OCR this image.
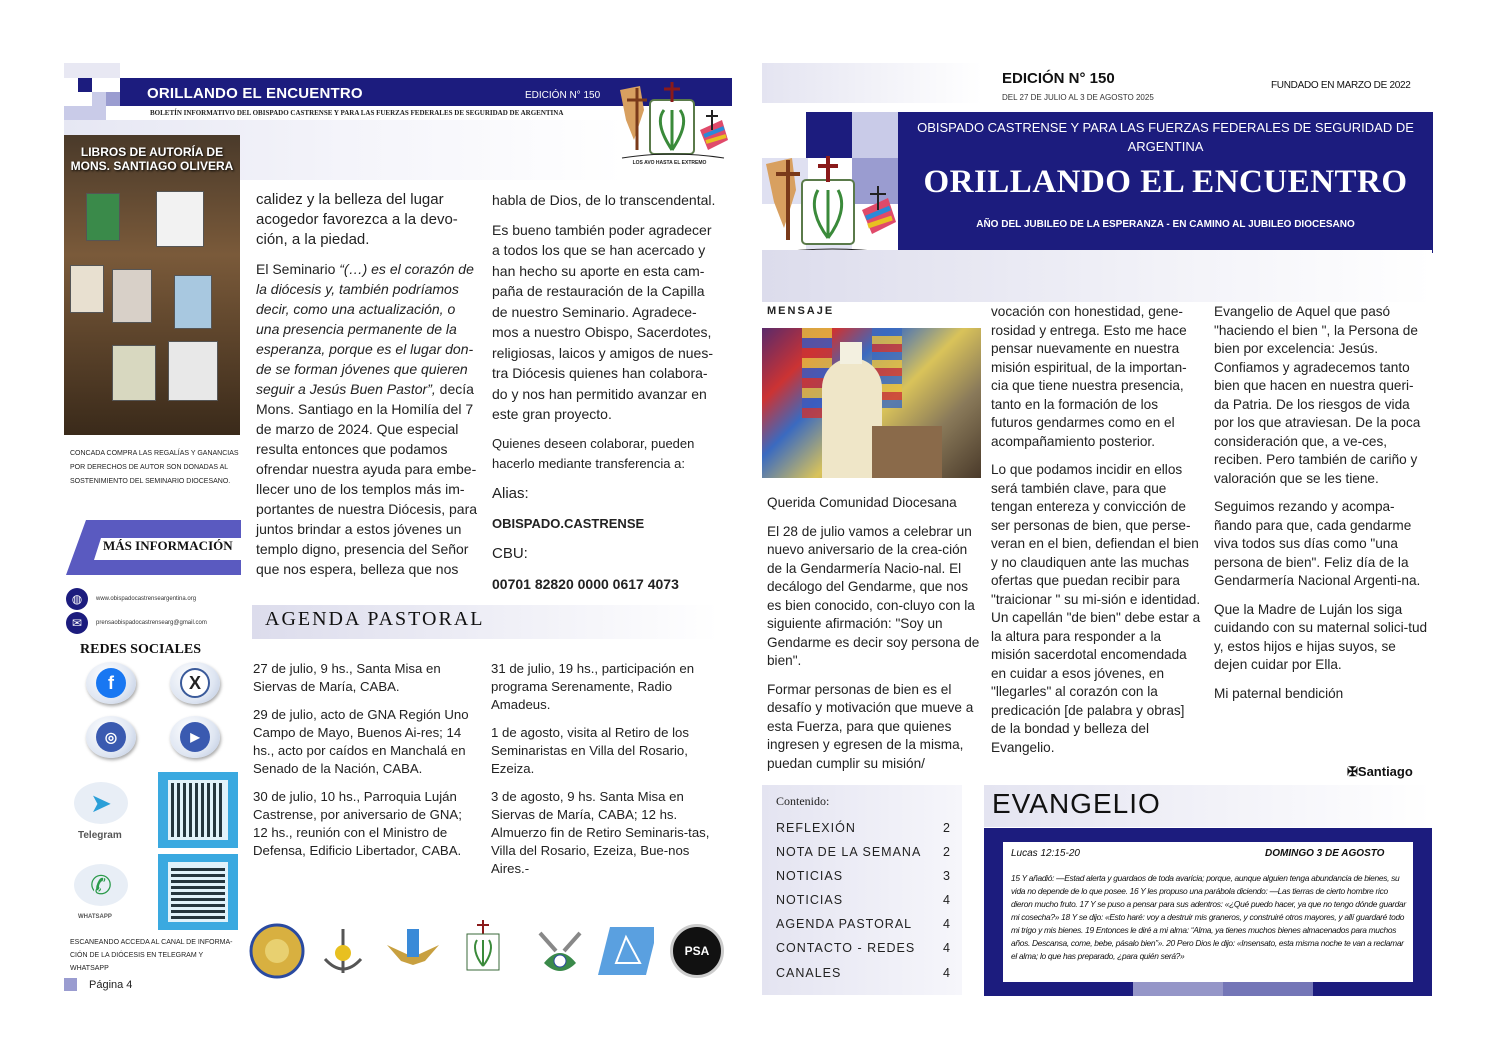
ORILLANDO EL ENCUENTRO	EDICIÓN N° 150
BOLETÍN INFORMATIVO DEL OBISPADO CASTRENSE Y PARA LAS FUERZAS FEDERALES DE SEGURIDAD DE ARGENTINA
LOS AVO HASTA EL EXTREMO
LIBROS DE AUTORÍA DE MONS. SANTIAGO OLIVERA
CONCADA COMPRA LAS REGALÍAS Y GANANCIAS POR DERECHOS DE AUTOR SON DONADAS AL SOSTENIMIENTO DEL SEMINARIO DIOCESANO.
MÁS INFORMACIÓN
◍	www.obispadocastrenseargentina.org
✉	prensaobispadocastrensearg@gmail.com
REDES SOCIALES
f	X
◎	▶
➤
Telegram
✆
WHATSAPP
ESCANEANDO ACCEDA AL CANAL DE INFORMA-CIÓN DE LA DIÓCESIS EN TELEGRAM Y WHATSAPP
Página 4

calidez y la belleza del lugar acogedor favorezca a la devo-ción, a la piedad.

El Seminario “(…) es el corazón de la diócesis y, también podríamos decir, como una actualización, o una presencia permanente de la esperanza, porque es el lugar don-de se forman jóvenes que quieren seguir a Jesús Buen Pastor”, decía Mons. Santiago en la Homilía del 7 de marzo de 2024. Que especial resulta entonces que podamos ofrendar nuestra ayuda para embe-llecer uno de los templos más im-portantes de nuestra Diócesis, para juntos brindar a estos jóvenes un templo digno, presencia del Señor que nos espera, belleza que nos

habla de Dios, de lo transcendental.

Es bueno también poder agradecer a todos los que se han acercado y han hecho su aporte en esta cam-paña de restauración de la Capilla de nuestro Seminario. Agradece-mos a nuestro Obispo, Sacerdotes, religiosas, laicos y amigos de nues-tra Diócesis quienes han colabora-do y nos han permitido avanzar en este gran proyecto.

Quienes deseen colaborar, pueden hacerlo mediante transferencia a:

Alias:

OBISPADO.CASTRENSE

CBU:

00701 82820 0000 0617 4073

AGENDA PASTORAL

27 de julio, 9 hs., Santa Misa en Siervas de María, CABA.

29 de julio, acto de GNA Región Uno Campo de Mayo, Buenos Ai-res; 14 hs., acto por caídos en Manchalá en Senado de la Nación, CABA.

30 de julio, 10 hs., Parroquia Luján Castrense, por aniversario de GNA; 12 hs., reunión con el Ministro de Defensa, Edificio Libertador, CABA.

31 de julio, 19 hs., participación en programa Serenamente, Radio Amadeus.

1 de agosto, visita al Retiro de los Seminaristas en Villa del Rosario, Ezeiza.

3 de agosto, 9 hs. Santa Misa en Siervas de María, CABA; 12 hs. Almuerzo fin de Retiro Seminaris-tas, Villa del Rosario, Ezeiza, Bue-nos Aires.-

PSA
EDICIÓN N° 150
DEL 27 DE JULIO AL 3 DE AGOSTO 2025
FUNDADO EN MARZO DE 2022
OBISPADO CASTRENSE Y PARA LAS FUERZAS FEDERALES DE SEGURIDAD DE ARGENTINA
ORILLANDO EL ENCUENTRO
AÑO DEL JUBILEO DE LA ESPERANZA - EN CAMINO AL JUBILEO DIOCESANO
MENSAJE

Querida Comunidad Diocesana

El 28 de julio vamos a celebrar un nuevo aniversario de la crea-ción de la Gendarmería Nacio-nal. El decálogo del Gendarme, que nos es bien conocido, con-cluyo con la siguiente afirmación: "Soy un Gendarme es decir soy persona de bien".

Formar personas de bien es el desafío y motivación que mueve a esta Fuerza, para que quienes ingresen y egresen de la misma, puedan cumplir su misión/

vocación con honestidad, gene-rosidad y entrega. Esto me hace pensar nuevamente en nuestra misión espiritual, de la importan-cia que tiene nuestra presencia, tanto en la formación de los futuros gendarmes como en el acompañamiento posterior.

Lo que podamos incidir en ellos será también clave, para que tengan entereza y convicción de ser personas de bien, que perse-veran en el bien, defiendan el bien y no claudiquen ante las muchas ofertas que puedan recibir para "traicionar " su mi-sión e identidad. Un capellán "de bien" debe estar a la altura para responder a la misión sacerdotal encomendada en cuidar a esos jóvenes, en "llegarles" al corazón con la predicación [de palabra y obras] de la bondad y belleza del Evangelio.

Evangelio de Aquel que pasó "haciendo el bien ", la Persona de bien por excelencia: Jesús. Confiamos y agradecemos tanto bien que hacen en nuestra queri-da Patria. De los riesgos de vida por los que atraviesan. De la poca consideración que, a ve-ces, reciben. Pero también de cariño y valoración que se les tiene.

Seguimos rezando y acompa-ñando para que, cada gendarme viva todos sus días como "una persona de bien". Feliz día de la Gendarmería Nacional Argenti-na.

Que la Madre de Luján los siga cuidando con su maternal solici-tud y, estos hijos e hijas suyos, se dejen cuidar por Ella.

Mi paternal bendición

✠Santiago
Contenido:
REFLEXIÓN	2
NOTA DE LA SEMANA 2
NOTICIAS	3
NOTICIAS	4
AGENDA PASTORAL 4
CONTACTO - REDES 4
CANALES	4
EVANGELIO
Lucas 12:15-20	DOMINGO 3 DE AGOSTO
15 Y añadió: —Estad alerta y guardaos de toda avaricia; porque, aunque alguien tenga abundancia de bienes, su vida no depende de lo que posee. 16 Y les propuso una parábola diciendo: —Las tierras de cierto hombre rico dieron mucho fruto. 17 Y se puso a pensar para sus adentros: «¿Qué puedo hacer, ya que no tengo dónde guardar mi cosecha?» 18 Y se dijo: «Esto haré: voy a destruir mis graneros, y construiré otros mayores, y allí guardaré todo mi trigo y mis bienes. 19 Entonces le diré a mi alma: “Alma, ya tienes muchos bienes almacenados para muchos años. Descansa, come, bebe, pásalo bien”». 20 Pero Dios le dijo: «Insensato, esta misma noche te van a reclamar el alma; lo que has preparado, ¿para quién será?»
